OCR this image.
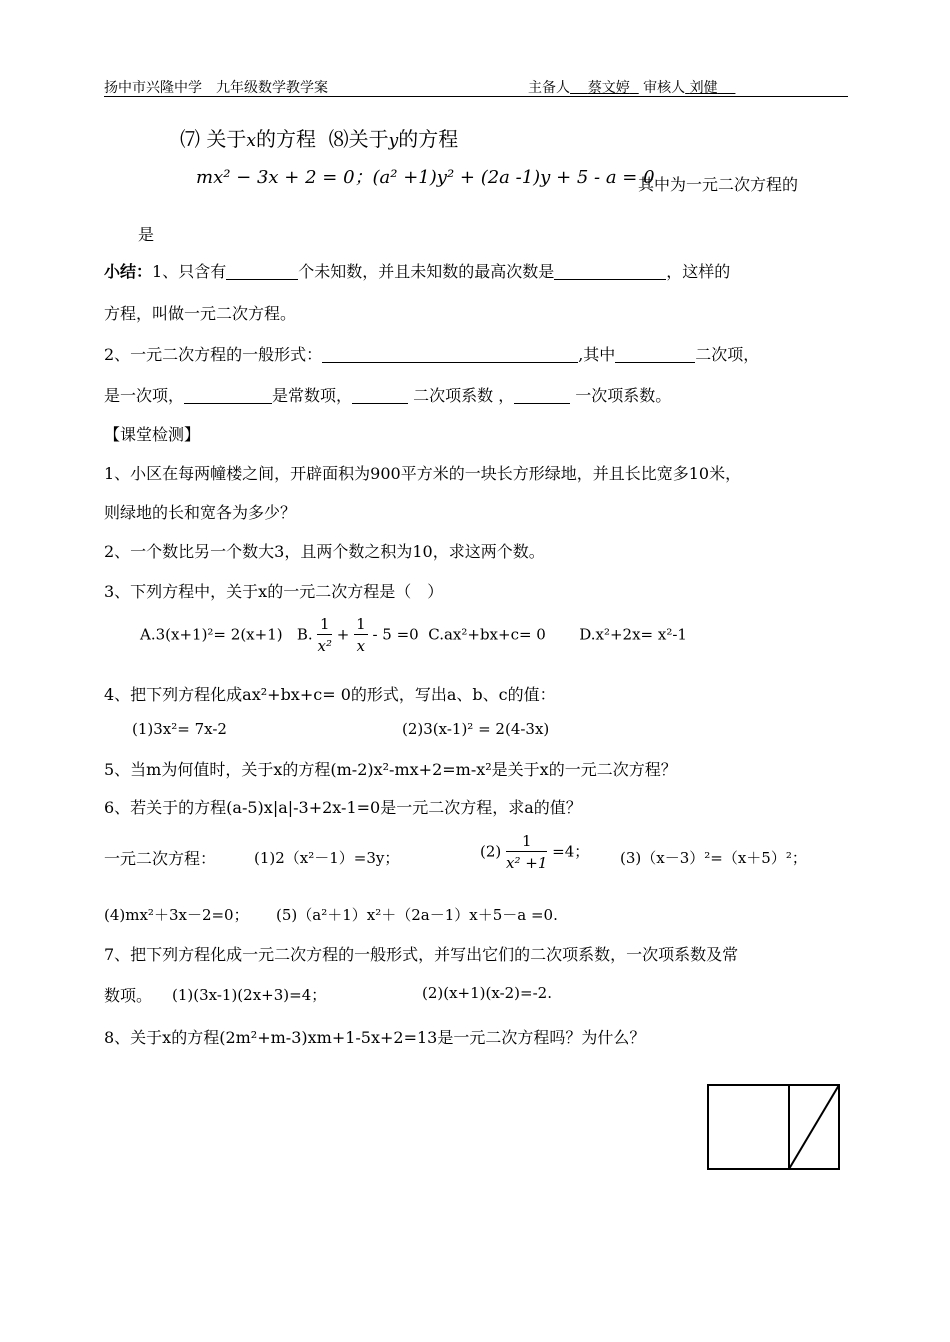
扬中市兴隆中学　九年级数学教学案	主备人 蔡文婷 审核人 刘健
⑺ 关于x的方程 ⑻关于y的方程
mx² − 3x + 2 = 0；(a² +1)y² + (2a -1)y + 5 - a = 0
其中为一元二次方程的
是
小结：1、只含有	个未知数，并且未知数的最高次数是	，这样的
方程，叫做一元二次方程。
2、一元二次方程的一般形式：	,其中	二次项，
是一次项，	是常数项，	二次项系数 ，	一次项系数。
【课堂检测】
1、小区在每两幢楼之间，开辟面积为900平方米的一块长方形绿地，并且长比宽多10米，
则绿地的长和宽各为多少？
2、一个数比另一个数大3，且两个数之积为10，求这两个数。
3、下列方程中，关于x的一元二次方程是（　）
A.3(x+1)²= 2(x+1) B. $\frac{1}{\text{x²}} + \frac{1}{x} - 5 =0$ C.ax²+bx+c= 0 D.x²+2x= x²-1
4、把下列方程化成ax²+bx+c= 0的形式，写出a、b、c的值：
(1)3x²= 7x-2	(2)3(x-1)² = 2(4-3x)
5、当m为何值时，关于x的方程(m-2)x²-mx+2=m-x²是关于x的一元二次方程？
6、若关于的方程(a-5)x|a|-3+2x-1=0是一元二次方程，求a的值？
一元二次方程：	(1)2（x²－1）=3y；	$(2) \frac{1}{\text{x² +1}} =4$； (3)（x－3）²=（x＋5）²；
(4)mx²＋3x－2=0； (5)（a²＋1）x²＋（2a－1）x＋5－a =0.
7、把下列方程化成一元二次方程的一般形式，并写出它们的二次项系数，一次项系数及常
数项。 (1)(3x-1)(2x+3)=4；	(2)(x+1)(x-2)=-2.
8、关于x的方程(2m²+m-3)xm+1-5x+2=13是一元二次方程吗？为什么？
